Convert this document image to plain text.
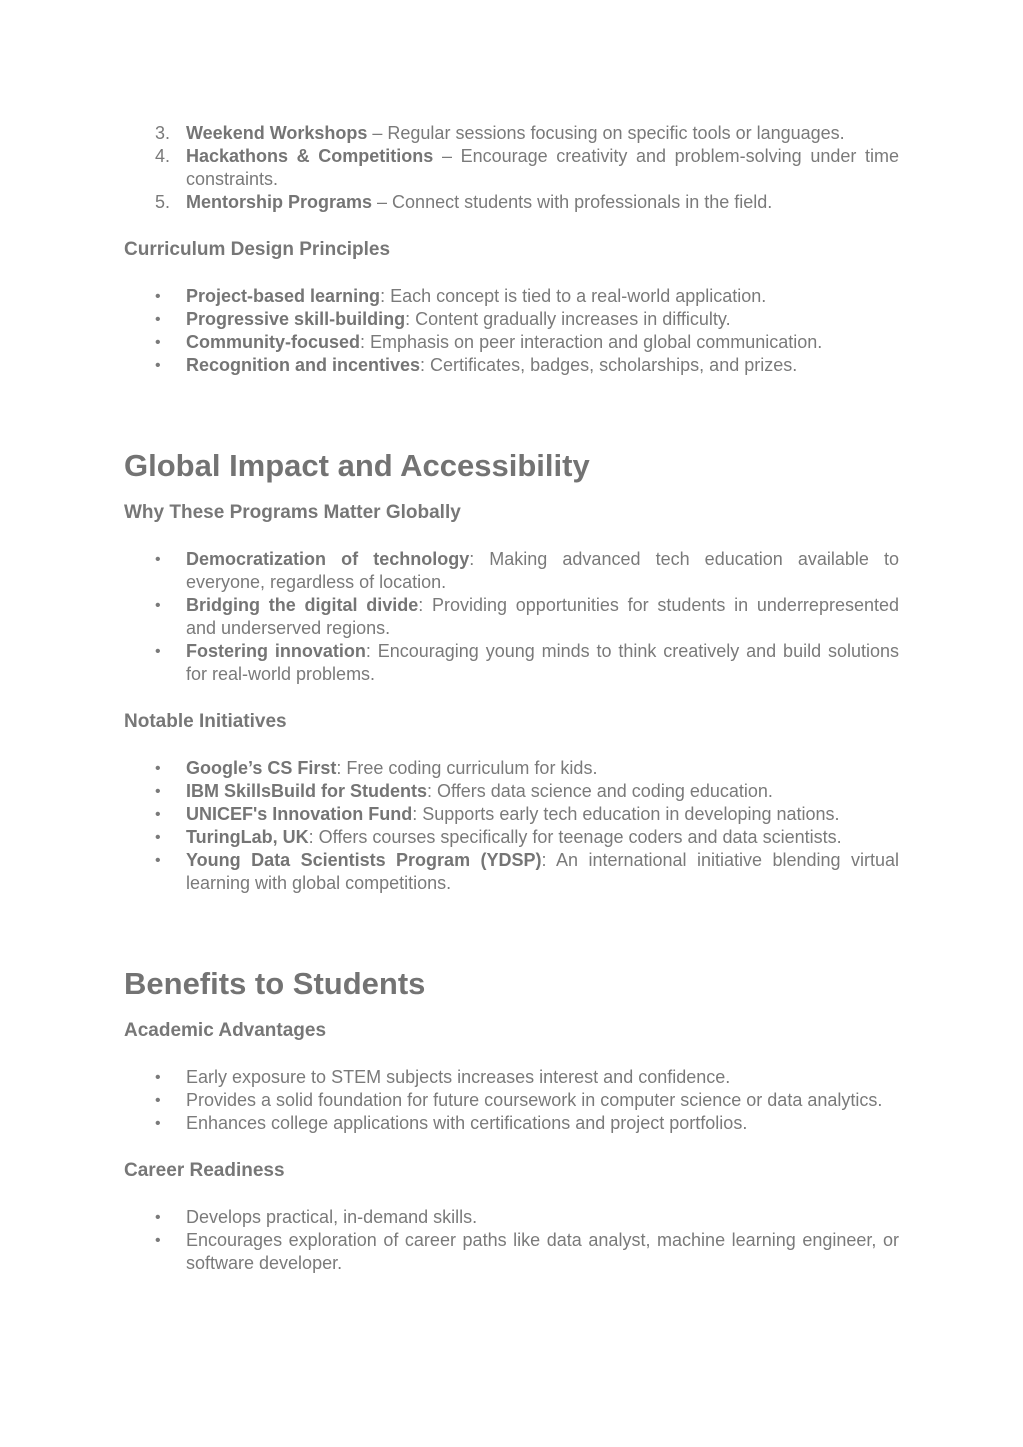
3. Weekend Workshops – Regular sessions focusing on specific tools or languages.
4. Hackathons & Competitions – Encourage creativity and problem-solving under time constraints.
5. Mentorship Programs – Connect students with professionals in the field.
Curriculum Design Principles
• Project-based learning: Each concept is tied to a real-world application.
• Progressive skill-building: Content gradually increases in difficulty.
• Community-focused: Emphasis on peer interaction and global communication.
• Recognition and incentives: Certificates, badges, scholarships, and prizes.
Global Impact and Accessibility
Why These Programs Matter Globally
• Democratization of technology: Making advanced tech education available to everyone, regardless of location.
• Bridging the digital divide: Providing opportunities for students in underrepresented and underserved regions.
• Fostering innovation: Encouraging young minds to think creatively and build solutions for real-world problems.
Notable Initiatives
• Google’s CS First: Free coding curriculum for kids.
• IBM SkillsBuild for Students: Offers data science and coding education.
• UNICEF's Innovation Fund: Supports early tech education in developing nations.
• TuringLab, UK: Offers courses specifically for teenage coders and data scientists.
• Young Data Scientists Program (YDSP): An international initiative blending virtual learning with global competitions.
Benefits to Students
Academic Advantages
• Early exposure to STEM subjects increases interest and confidence.
• Provides a solid foundation for future coursework in computer science or data analytics.
• Enhances college applications with certifications and project portfolios.
Career Readiness
• Develops practical, in-demand skills.
• Encourages exploration of career paths like data analyst, machine learning engineer, or software developer.
